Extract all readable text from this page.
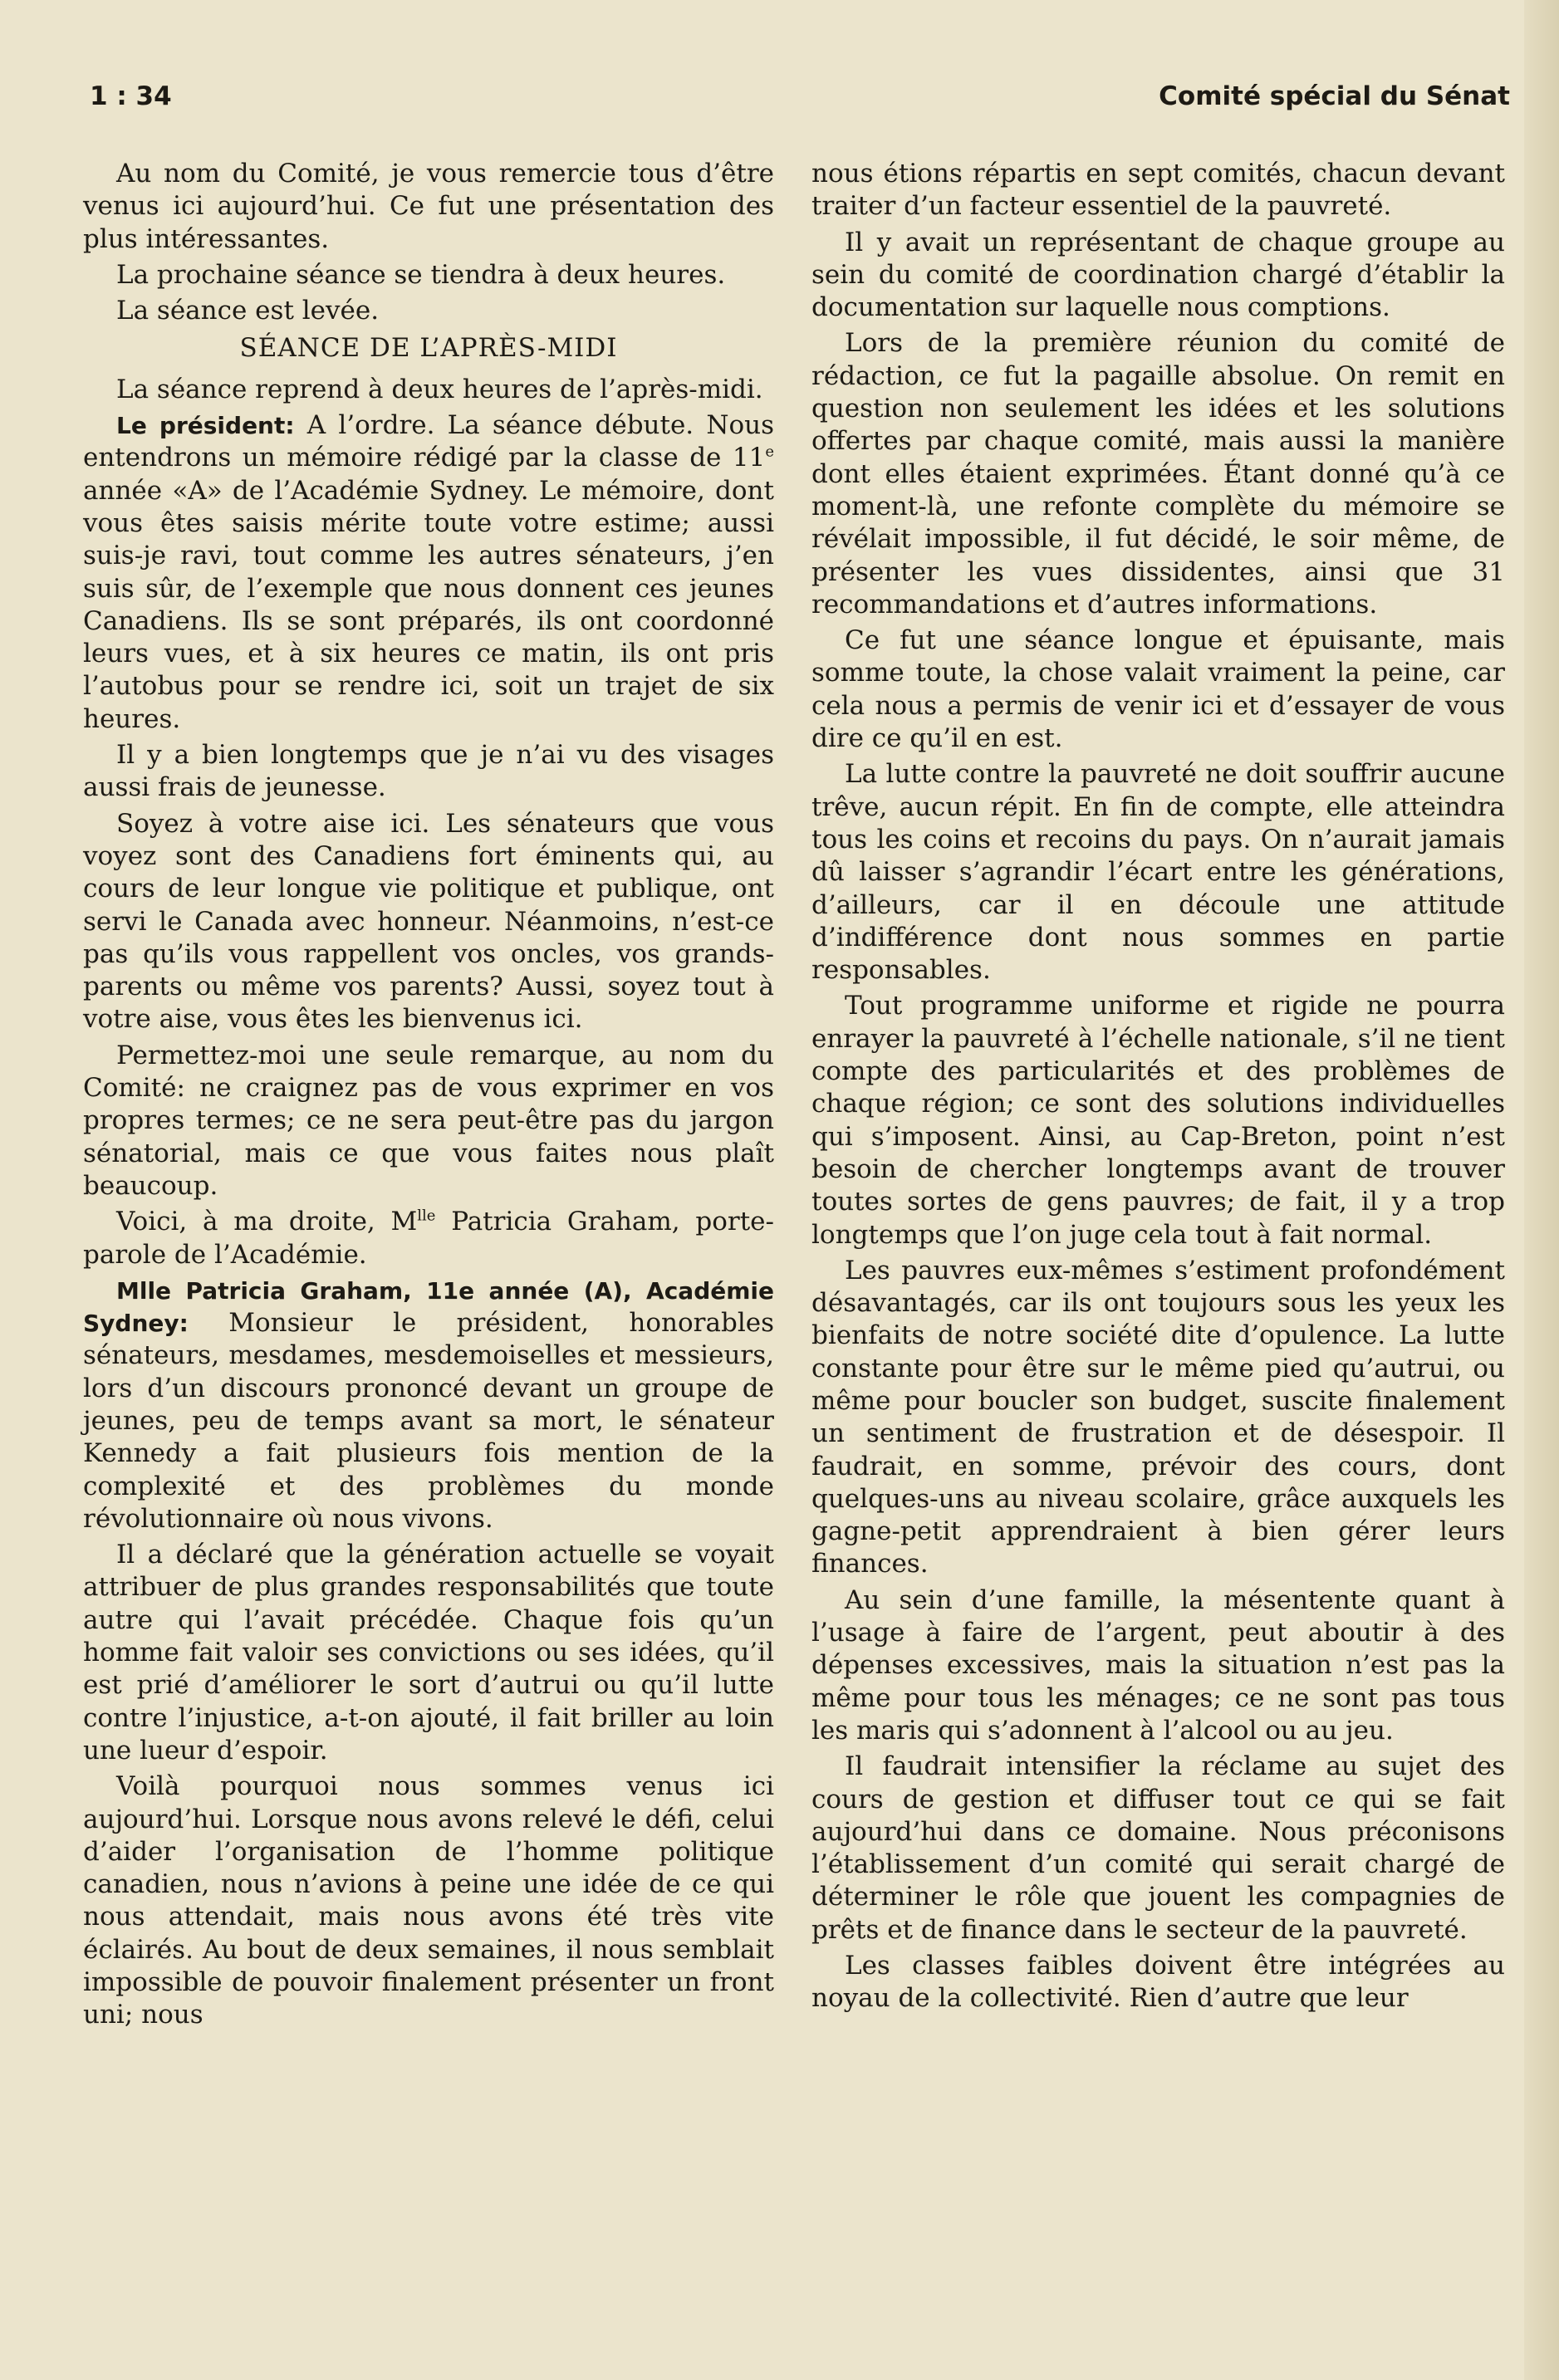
1 : 34	Comité spécial du Sénat

Au nom du Comité, je vous remercie tous d’être venus ici aujourd’hui. Ce fut une présentation des plus intéressantes.

La prochaine séance se tiendra à deux heures.

La séance est levée.

SÉANCE DE L’APRÈS-MIDI

La séance reprend à deux heures de l’après-midi.

Le président: A l’ordre. La séance débute. Nous entendrons un mémoire rédigé par la classe de 11e année «A» de l’Académie Sydney. Le mémoire, dont vous êtes saisis mérite toute votre estime; aussi suis-je ravi, tout comme les autres sénateurs, j’en suis sûr, de l’exemple que nous donnent ces jeunes Canadiens. Ils se sont préparés, ils ont coordonné leurs vues, et à six heures ce matin, ils ont pris l’autobus pour se rendre ici, soit un trajet de six heures.

Il y a bien longtemps que je n’ai vu des visages aussi frais de jeunesse.

Soyez à votre aise ici. Les sénateurs que vous voyez sont des Canadiens fort éminents qui, au cours de leur longue vie politique et publique, ont servi le Canada avec honneur. Néanmoins, n’est-ce pas qu’ils vous rappellent vos oncles, vos grands-parents ou même vos parents? Aussi, soyez tout à votre aise, vous êtes les bienvenus ici.

Permettez-moi une seule remarque, au nom du Comité: ne craignez pas de vous exprimer en vos propres termes; ce ne sera peut-être pas du jargon sénatorial, mais ce que vous faites nous plaît beaucoup.

Voici, à ma droite, $M^{lle}$ Patricia Graham, porte-parole de l’Académie.

Mlle Patricia Graham, 11e année (A), Académie Sydney: Monsieur le président, honorables sénateurs, mesdames, mesdemoiselles et messieurs, lors d’un discours prononcé devant un groupe de jeunes, peu de temps avant sa mort, le sénateur Kennedy a fait plusieurs fois mention de la complexité et des problèmes du monde révolutionnaire où nous vivons.

Il a déclaré que la génération actuelle se voyait attribuer de plus grandes responsabilités que toute autre qui l’avait précédée. Chaque fois qu’un homme fait valoir ses convictions ou ses idées, qu’il est prié d’améliorer le sort d’autrui ou qu’il lutte contre l’injustice, a-t-on ajouté, il fait briller au loin une lueur d’espoir.

Voilà pourquoi nous sommes venus ici aujourd’hui. Lorsque nous avons relevé le défi, celui d’aider l’organisation de l’homme politique canadien, nous n’avions à peine une idée de ce qui nous attendait, mais nous avons été très vite éclairés. Au bout de deux semaines, il nous semblait impossible de pouvoir finalement présenter un front uni; nous

nous étions répartis en sept comités, chacun devant traiter d’un facteur essentiel de la pauvreté.

Il y avait un représentant de chaque groupe au sein du comité de coordination chargé d’établir la documentation sur laquelle nous comptions.

Lors de la première réunion du comité de rédaction, ce fut la pagaille absolue. On remit en question non seulement les idées et les solutions offertes par chaque comité, mais aussi la manière dont elles étaient exprimées. Étant donné qu’à ce moment-là, une refonte complète du mémoire se révélait impossible, il fut décidé, le soir même, de présenter les vues dissidentes, ainsi que 31 recommandations et d’autres informations.

Ce fut une séance longue et épuisante, mais somme toute, la chose valait vraiment la peine, car cela nous a permis de venir ici et d’essayer de vous dire ce qu’il en est.

La lutte contre la pauvreté ne doit souffrir aucune trêve, aucun répit. En fin de compte, elle atteindra tous les coins et recoins du pays. On n’aurait jamais dû laisser s’agrandir l’écart entre les générations, d’ailleurs, car il en découle une attitude d’indifférence dont nous sommes en partie responsables.

Tout programme uniforme et rigide ne pourra enrayer la pauvreté à l’échelle nationale, s’il ne tient compte des particularités et des problèmes de chaque région; ce sont des solutions individuelles qui s’imposent. Ainsi, au Cap-Breton, point n’est besoin de chercher longtemps avant de trouver toutes sortes de gens pauvres; de fait, il y a trop longtemps que l’on juge cela tout à fait normal.

Les pauvres eux-mêmes s’estiment profondément désavantagés, car ils ont toujours sous les yeux les bienfaits de notre société dite d’opulence. La lutte constante pour être sur le même pied qu’autrui, ou même pour boucler son budget, suscite finalement un sentiment de frustration et de désespoir. Il faudrait, en somme, prévoir des cours, dont quelques-uns au niveau scolaire, grâce auxquels les gagne-petit apprendraient à bien gérer leurs finances.

Au sein d’une famille, la mésentente quant à l’usage à faire de l’argent, peut aboutir à des dépenses excessives, mais la situation n’est pas la même pour tous les ménages; ce ne sont pas tous les maris qui s’adonnent à l’alcool ou au jeu.

Il faudrait intensifier la réclame au sujet des cours de gestion et diffuser tout ce qui se fait aujourd’hui dans ce domaine. Nous préconisons l’établissement d’un comité qui serait chargé de déterminer le rôle que jouent les compagnies de prêts et de finance dans le secteur de la pauvreté.

Les classes faibles doivent être intégrées au noyau de la collectivité. Rien d’autre que leur
